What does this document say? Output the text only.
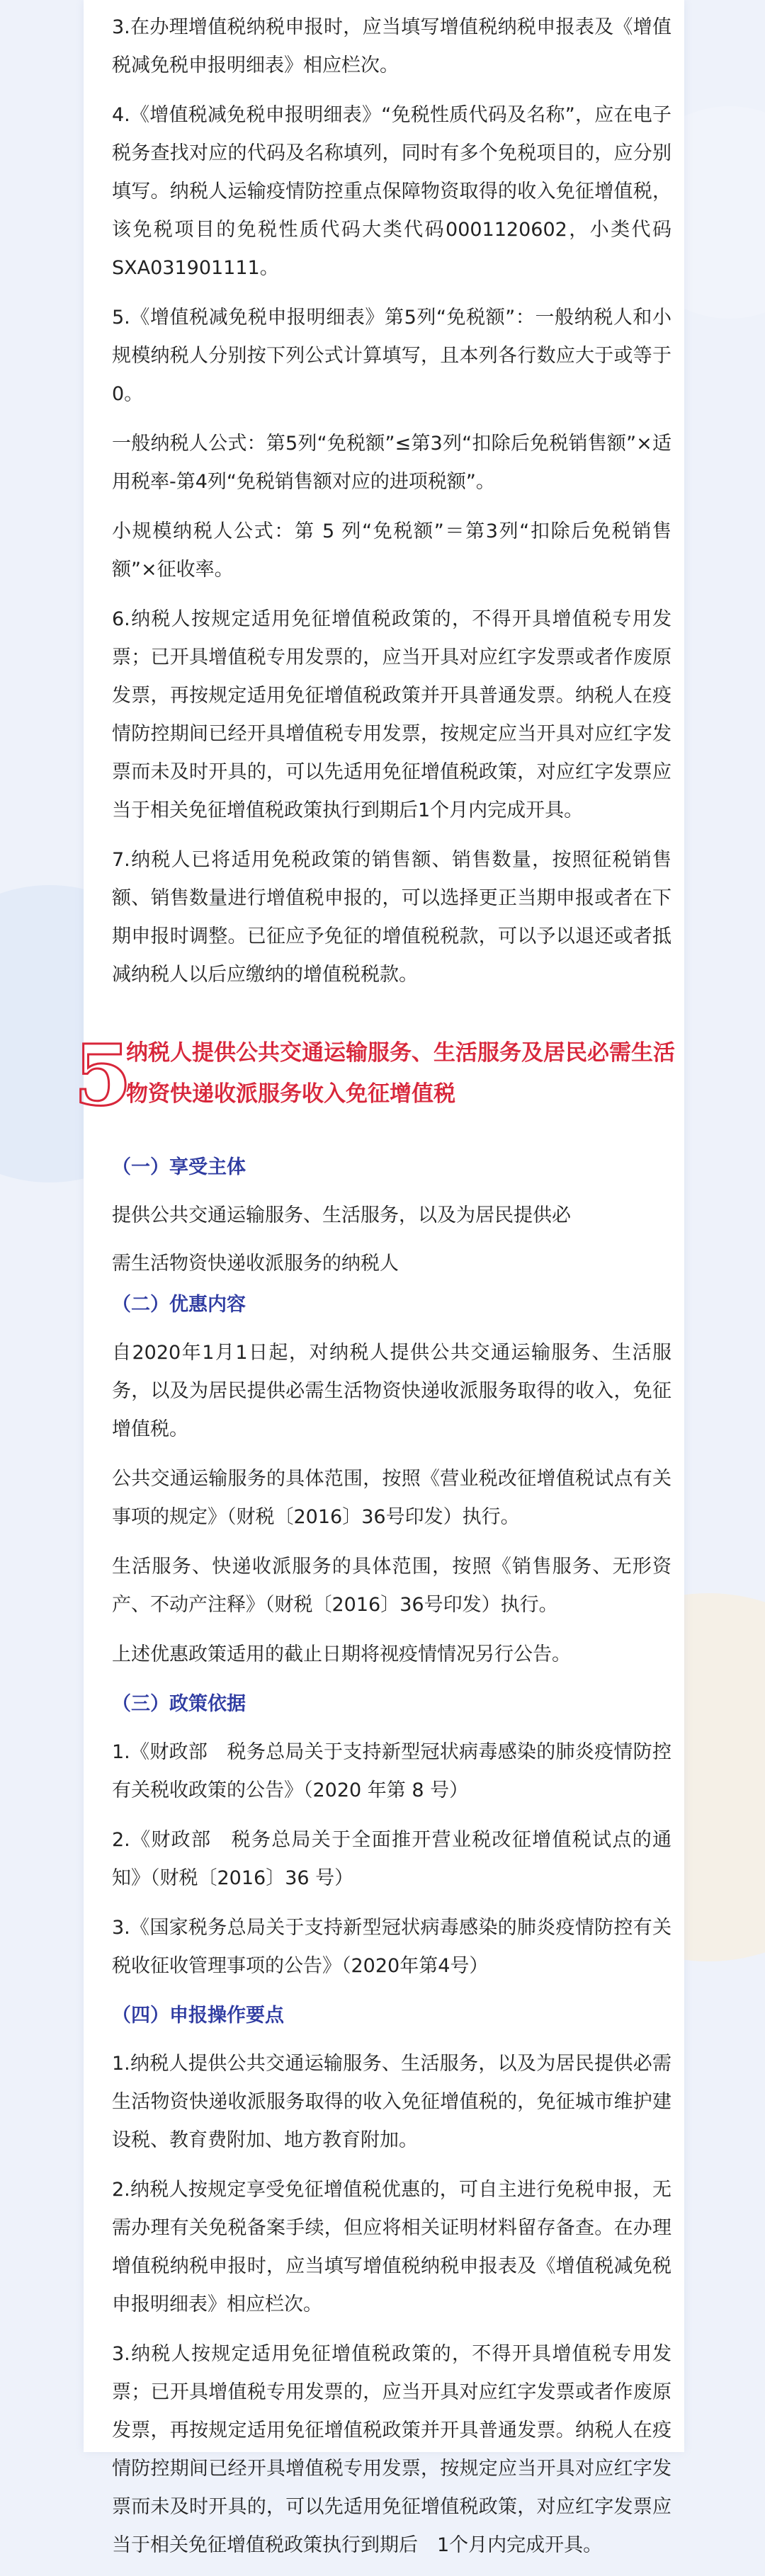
3.在办理增值税纳税申报时，应当填写增值税纳税申报表及《增值税减免税申报明细表》相应栏次。

4.《增值税减免税申报明细表》“免税性质代码及名称”，应在电子税务查找对应的代码及名称填列，同时有多个免税项目的，应分别填写。纳税人运输疫情防控重点保障物资取得的收入免征增值税，该免税项目的免税性质代码大类代码0001120602，小类代码 SXA031901111。

5.《增值税减免税申报明细表》第5列“免税额”：一般纳税人和小规模纳税人分别按下列公式计算填写，且本列各行数应大于或等于0。

一般纳税人公式：第5列“免税额”≤第3列“扣除后免税销售额”×适用税率-第4列“免税销售额对应的进项税额”。

小规模纳税人公式：第 5 列“免税额”＝第3列“扣除后免税销售额”×征收率。

6.纳税人按规定适用免征增值税政策的，不得开具增值税专用发票；已开具增值税专用发票的，应当开具对应红字发票或者作废原发票，再按规定适用免征增值税政策并开具普通发票。纳税人在疫情防控期间已经开具增值税专用发票，按规定应当开具对应红字发票而未及时开具的，可以先适用免征增值税政策，对应红字发票应当于相关免征增值税政策执行到期后1个月内完成开具。

7.纳税人已将适用免税政策的销售额、销售数量，按照征税销售额、销售数量进行增值税申报的，可以选择更正当期申报或者在下期申报时调整。已征应予免征的增值税税款，可以予以退还或者抵减纳税人以后应缴纳的增值税税款。

5
纳税人提供公共交通运输服务、生活服务及居民必需生活物资快递收派服务收入免征增值税
（一）享受主体

提供公共交通运输服务、生活服务，以及为居民提供必

需生活物资快递收派服务的纳税人

（二）优惠内容

自2020年1月1日起，对纳税人提供公共交通运输服务、生活服务，以及为居民提供必需生活物资快递收派服务取得的收入，免征增值税。

公共交通运输服务的具体范围，按照《营业税改征增值税试点有关事项的规定》（财税〔2016〕36号印发）执行。

生活服务、快递收派服务的具体范围，按照《销售服务、无形资产、不动产注释》（财税〔2016〕36号印发）执行。

上述优惠政策适用的截止日期将视疫情情况另行公告。

（三）政策依据

1.《财政部　税务总局关于支持新型冠状病毒感染的肺炎疫情防控有关税收政策的公告》（2020 年第 8 号）

2.《财政部　税务总局关于全面推开营业税改征增值税试点的通知》（财税〔2016〕36 号）

3.《国家税务总局关于支持新型冠状病毒感染的肺炎疫情防控有关税收征收管理事项的公告》（2020年第4号）

（四）申报操作要点

1.纳税人提供公共交通运输服务、生活服务，以及为居民提供必需生活物资快递收派服务取得的收入免征增值税的，免征城市维护建设税、教育费附加、地方教育附加。

2.纳税人按规定享受免征增值税优惠的，可自主进行免税申报，无需办理有关免税备案手续，但应将相关证明材料留存备查。在办理增值税纳税申报时，应当填写增值税纳税申报表及《增值税减免税申报明细表》相应栏次。

3.纳税人按规定适用免征增值税政策的，不得开具增值税专用发票；已开具增值税专用发票的，应当开具对应红字发票或者作废原发票，再按规定适用免征增值税政策并开具普通发票。纳税人在疫情防控期间已经开具增值税专用发票，按规定应当开具对应红字发票而未及时开具的，可以先适用免征增值税政策，对应红字发票应当于相关免征增值税政策执行到期后　1个月内完成开具。
